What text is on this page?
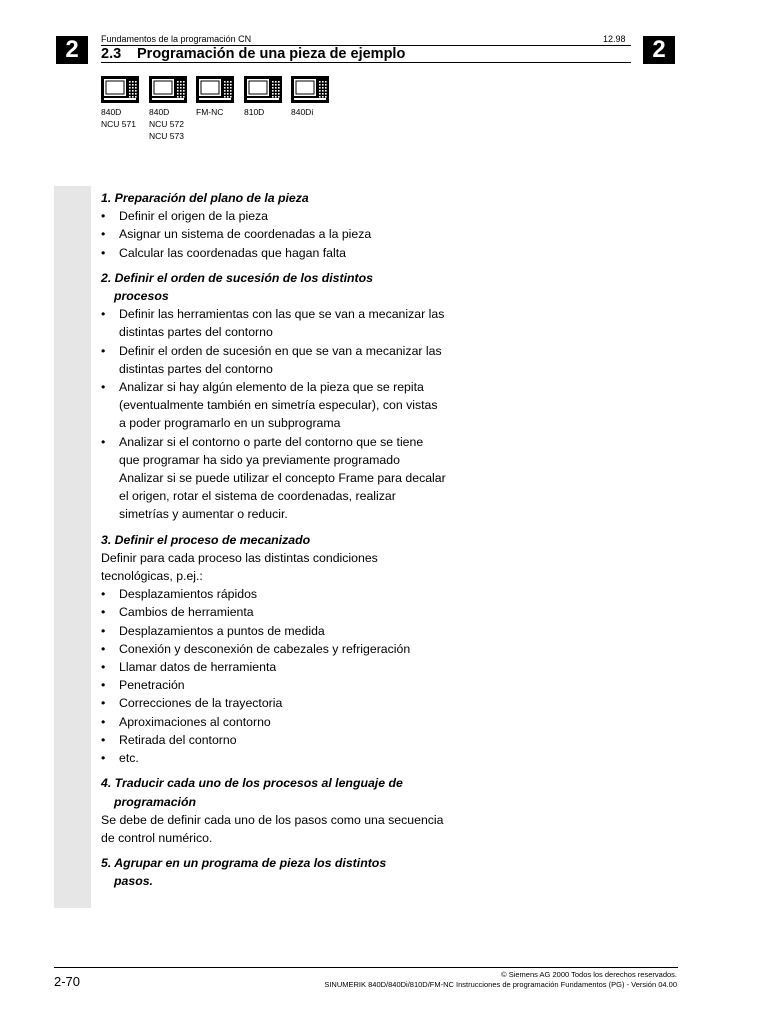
2	2
Fundamentos de la programación CN	12.98
2.3 Programación de una pieza de ejemplo
840D
NCU 571
840D
NCU 572
NCU 573
FM-NC	810D	840Di
1. Preparación del plano de la pieza
• Definir el origen de la pieza
• Asignar un sistema de coordenadas a la pieza
• Calcular las coordenadas que hagan falta
2. Definir el orden de sucesión de los distintos
procesos
• Definir las herramientas con las que se van a mecanizar las distintas partes del contorno
• Definir el orden de sucesión en que se van a mecanizar las distintas partes del contorno
• Analizar si hay algún elemento de la pieza que se repita (eventualmente también en simetría especular), con vistas a poder programarlo en un subprograma
• Analizar si el contorno o parte del contorno que se tiene que programar ha sido ya previamente programado
Analizar si se puede utilizar el concepto Frame para decalar el origen, rotar el sistema de coordenadas, realizar simetrías y aumentar o reducir.
3. Definir el proceso de mecanizado
Definir para cada proceso las distintas condiciones tecnológicas, p.ej.:
• Desplazamientos rápidos
• Cambios de herramienta
• Desplazamientos a puntos de medida
• Conexión y desconexión de cabezales y refrigeración
• Llamar datos de herramienta
• Penetración
• Correcciones de la trayectoria
• Aproximaciones al contorno
• Retirada del contorno
• etc.
4. Traducir cada uno de los procesos al lenguaje de
programación
Se debe de definir cada uno de los pasos como una secuencia de control numérico.
5. Agrupar en un programa de pieza los distintos
pasos.
2-70	© Siemens AG 2000 Todos los derechos reservados.
SINUMERIK 840D/840Di/810D/FM-NC Instrucciones de programación Fundamentos (PG) - Versión 04.00
